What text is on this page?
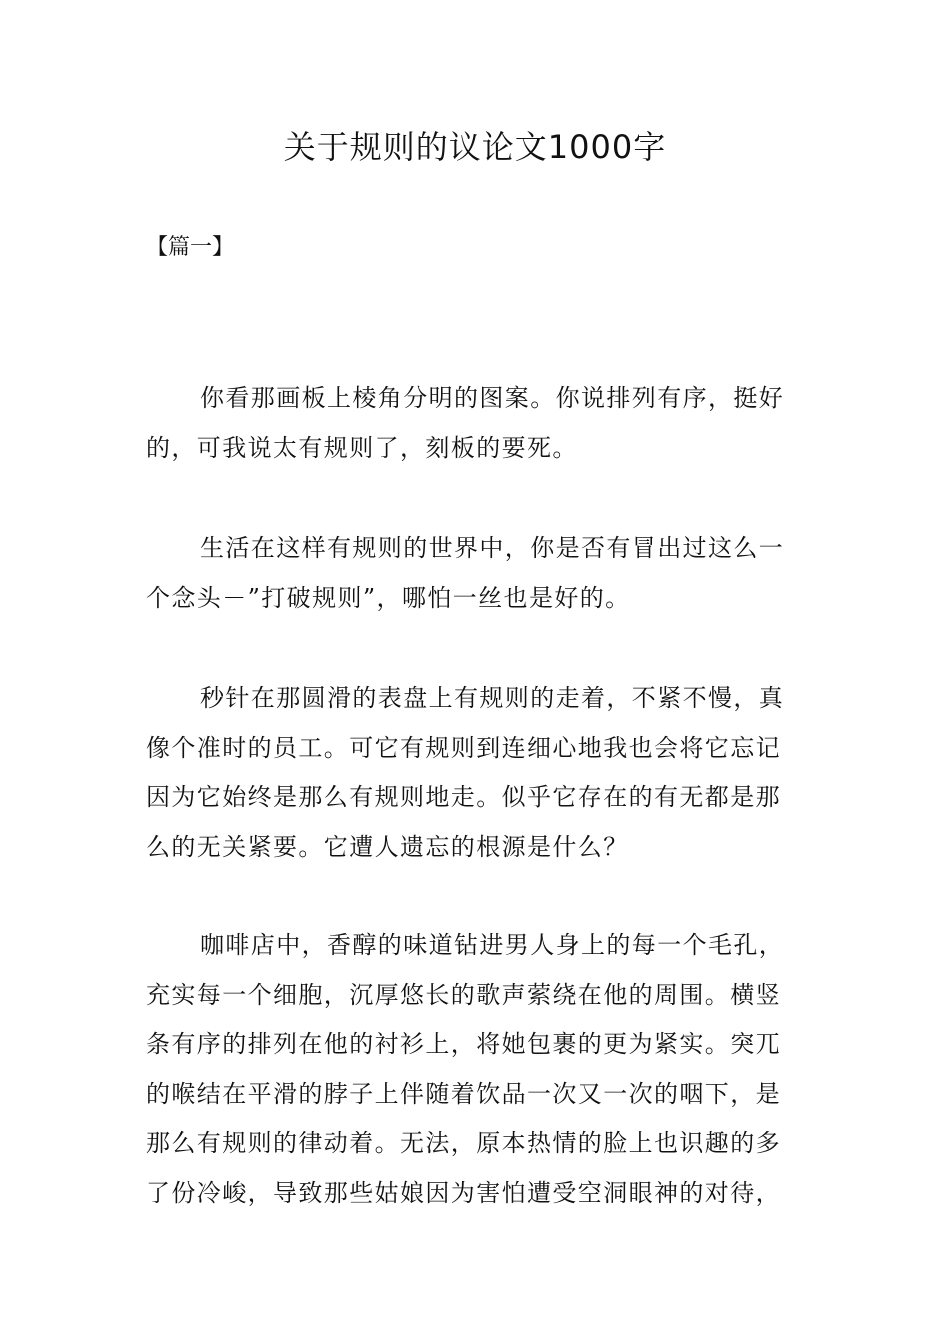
关于规则的议论文1000字
【篇一】

你看那画板上棱角分明的图案。你说排列有序，挺好的，可我说太有规则了，刻板的要死。

生活在这样有规则的世界中，你是否有冒出过这么一个念头－”打破规则”，哪怕一丝也是好的。

秒针在那圆滑的表盘上有规则的走着，不紧不慢，真像个准时的员工。可它有规则到连细心地我也会将它忘记因为它始终是那么有规则地走。似乎它存在的有无都是那么的无关紧要。它遭人遗忘的根源是什么？

咖啡店中，香醇的味道钻进男人身上的每一个毛孔，充实每一个细胞，沉厚悠长的歌声萦绕在他的周围。横竖条有序的排列在他的衬衫上，将她包裹的更为紧实。突兀的喉结在平滑的脖子上伴随着饮品一次又一次的咽下，是那么有规则的律动着。无法，原本热情的脸上也识趣的多了份冷峻，导致那些姑娘因为害怕遭受空洞眼神的对待，
